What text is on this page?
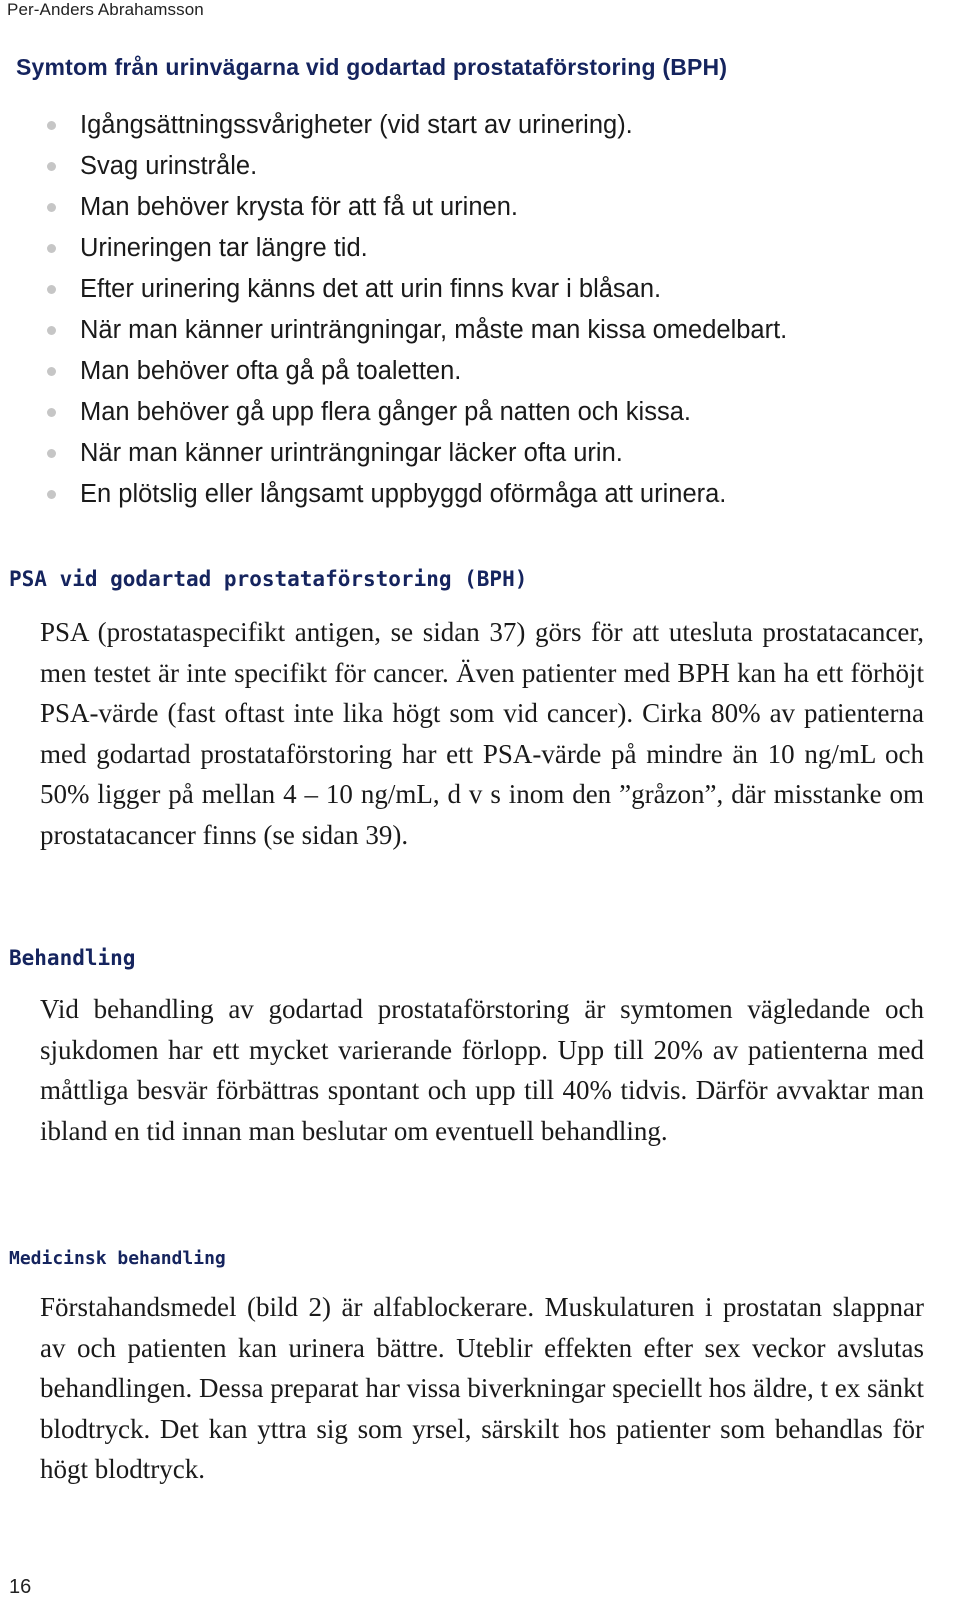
Per-Anders Abrahamsson
Symtom från urinvägarna vid godartad prostataförstoring (BPH)
Igångsättningssvårigheter (vid start av urinering).
Svag urinstråle.
Man behöver krysta för att få ut urinen.
Urineringen tar längre tid.
Efter urinering känns det att urin finns kvar i blåsan.
När man känner urinträngningar, måste man kissa omedelbart.
Man behöver ofta gå på toaletten.
Man behöver gå upp flera gånger på natten och kissa.
När man känner urinträngningar läcker ofta urin.
En plötslig eller långsamt uppbyggd oförmåga att urinera.
PSA vid godartad prostataförstoring (BPH)

PSA (prostataspecifikt antigen, se sidan 37) görs för att utesluta prostatacancer, men testet är inte specifikt för cancer. Även patienter med BPH kan ha ett förhöjt PSA-värde (fast oftast inte lika högt som vid cancer). Cirka 80% av patienterna med godartad prostataförstoring har ett PSA-värde på mindre än 10 ng/mL och 50% ligger på mellan 4 – 10 ng/mL, d v s inom den ”gråzon”, där misstanke om prostatacancer finns (se sidan 39).

Behandling

Vid behandling av godartad prostataförstoring är symtomen vägledande och sjukdomen har ett mycket varierande förlopp. Upp till 20% av patienterna med måttliga besvär förbättras spontant och upp till 40% tidvis. Därför avvaktar man ibland en tid innan man beslutar om eventuell behandling.

Medicinsk behandling

Förstahandsmedel (bild 2) är alfablockerare. Muskulaturen i prostatan slappnar av och patienten kan urinera bättre. Uteblir effekten efter sex veckor avslutas behandlingen. Dessa preparat har vissa biverkningar speciellt hos äldre, t ex sänkt blodtryck. Det kan yttra sig som yrsel, särskilt hos patienter som behandlas för högt blodtryck.

16
